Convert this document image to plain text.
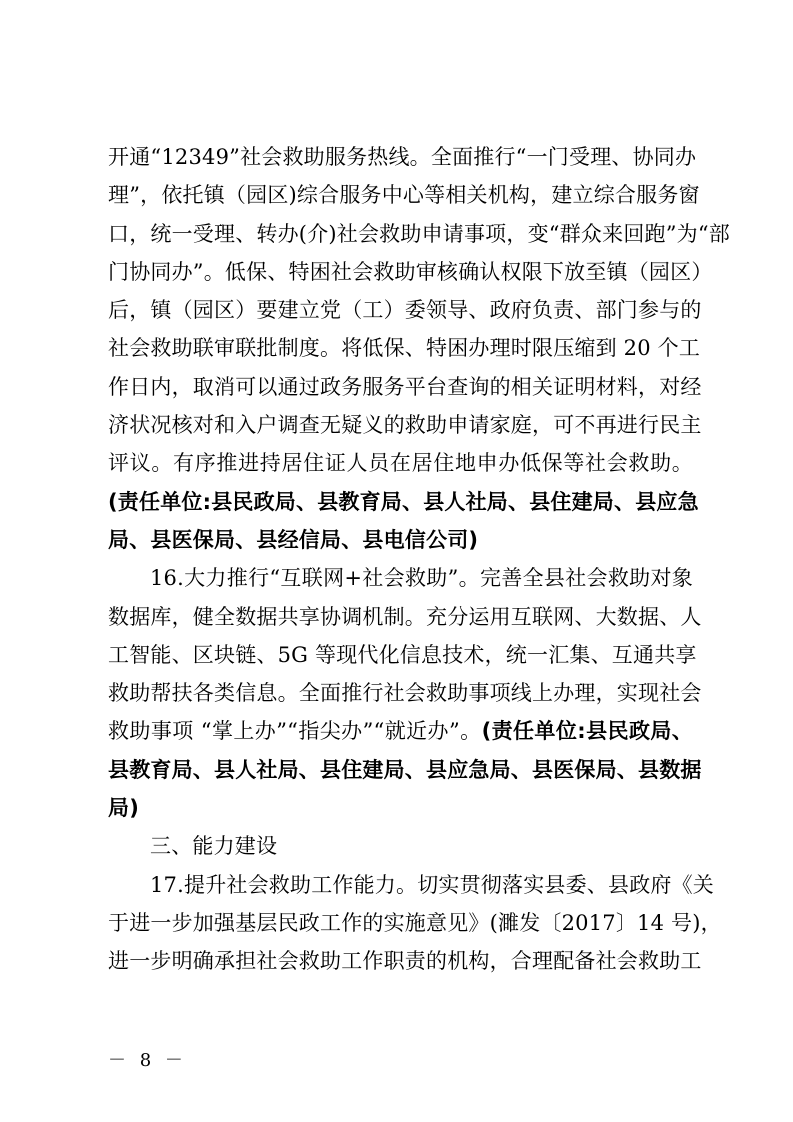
开通“12349”社会救助服务热线。全面推行“一门受理、协同办
理”，依托镇（园区)综合服务中心等相关机构，建立综合服务窗
口，统一受理、转办(介)社会救助申请事项，变“群众来回跑”为“部
门协同办”。低保、特困社会救助审核确认权限下放至镇（园区）
后，镇（园区）要建立党（工）委领导、政府负责、部门参与的
社会救助联审联批制度。将低保、特困办理时限压缩到 20 个工
作日内，取消可以通过政务服务平台查询的相关证明材料，对经
济状况核对和入户调查无疑义的救助申请家庭，可不再进行民主
评议。有序推进持居住证人员在居住地申办低保等社会救助。
(责任单位:县民政局、县教育局、县人社局、县住建局、县应急
局、县医保局、县经信局、县电信公司)
16.大力推行“互联网+社会救助”。完善全县社会救助对象
数据库，健全数据共享协调机制。充分运用互联网、大数据、人
工智能、区块链、5G 等现代化信息技术，统一汇集、互通共享
救助帮扶各类信息。全面推行社会救助事项线上办理，实现社会
救助事项 “掌上办”“指尖办”“就近办”。(责任单位:县民政局、
县教育局、县人社局、县住建局、县应急局、县医保局、县数据
局)
三、能力建设
17.提升社会救助工作能力。切实贯彻落实县委、县政府《关
于进一步加强基层民政工作的实施意见》(濉发〔2017〕14 号)，
进一步明确承担社会救助工作职责的机构，合理配备社会救助工
－ 8 －
